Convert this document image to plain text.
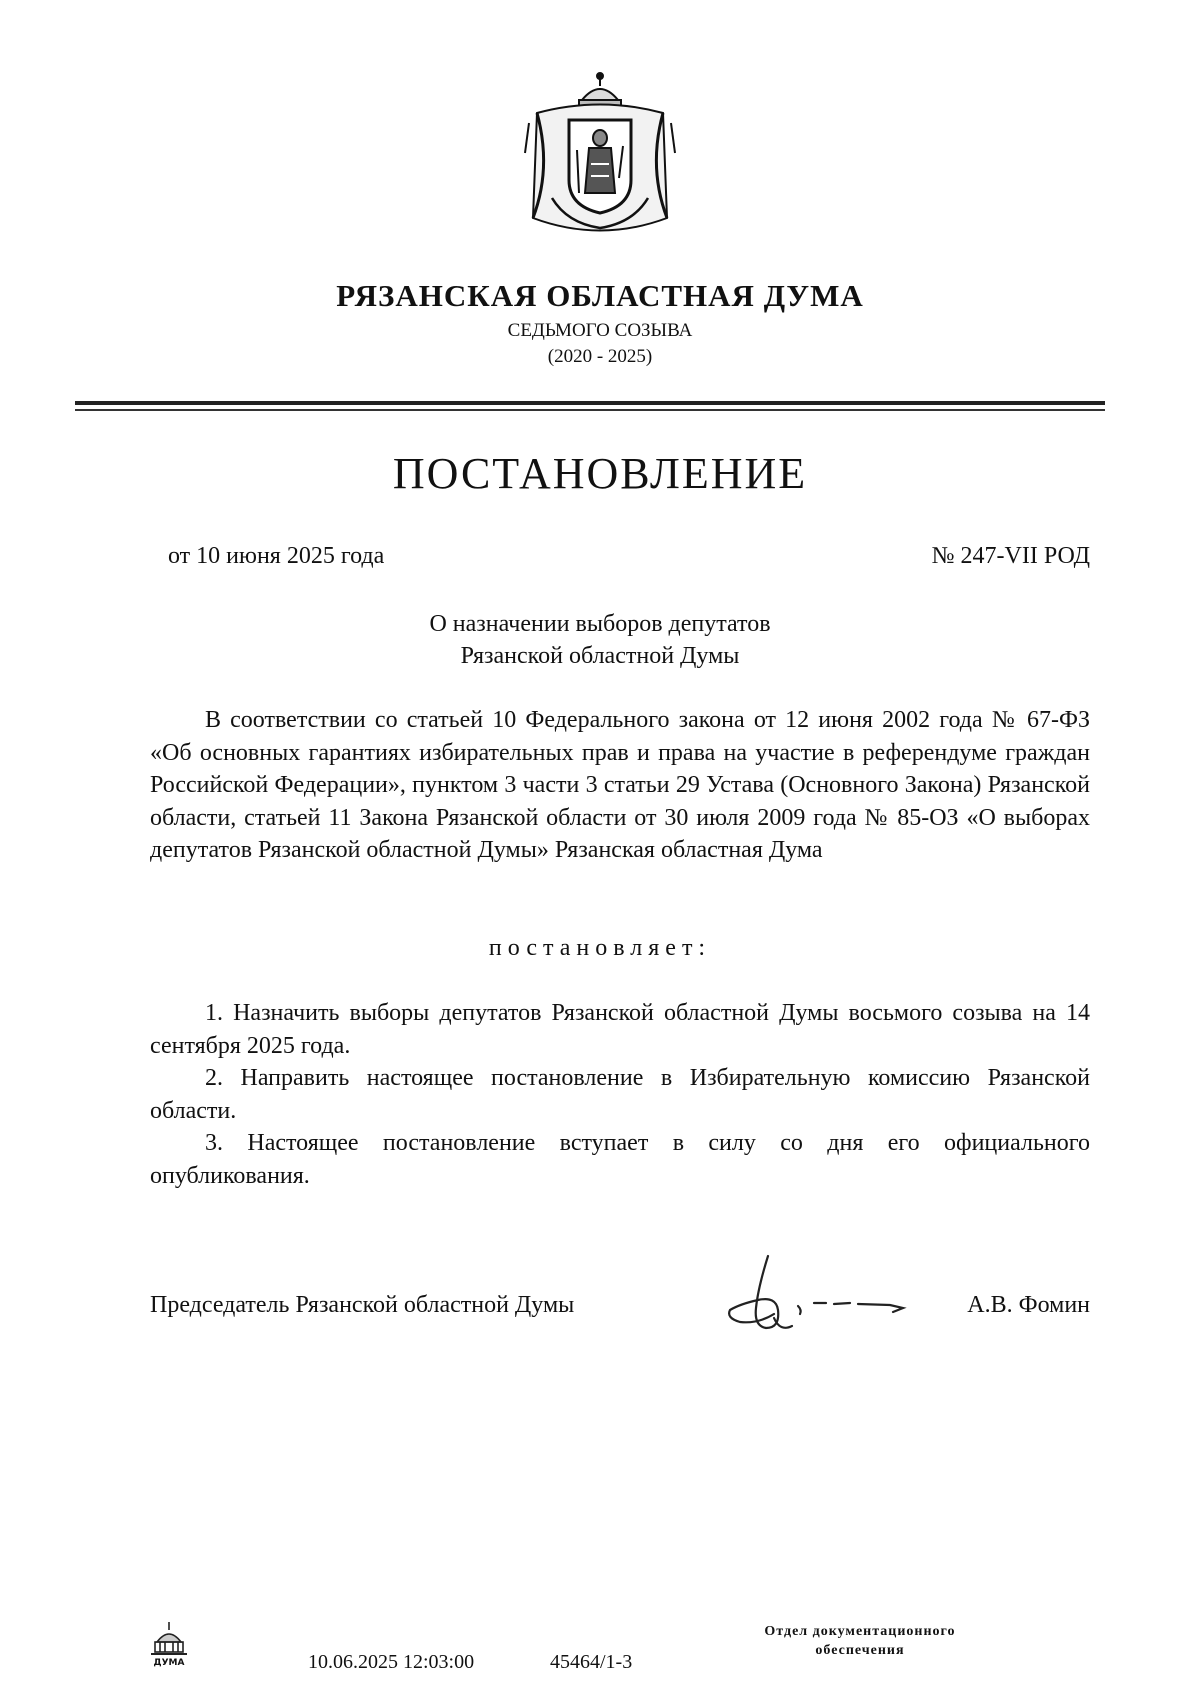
РЯЗАНСКАЯ ОБЛАСТНАЯ ДУМА
СЕДЬМОГО СОЗЫВА
(2020 - 2025)
ПОСТАНОВЛЕНИЕ
от 10 июня 2025 года	№ 247-VII РОД
О назначении выборов депутатов
Рязанской областной Думы
В соответствии со статьей 10 Федерального закона от 12 июня 2002 года № 67-ФЗ «Об основных гарантиях избирательных прав и права на участие в референдуме граждан Российской Федерации», пунктом 3 части 3 статьи 29 Устава (Основного Закона) Рязанской области, статьей 11 Закона Рязанской области от 30 июля 2009 года № 85-ОЗ «О выборах депутатов Рязанской областной Думы» Рязанская областная Дума
постановляет:

1. Назначить выборы депутатов Рязанской областной Думы восьмого созыва на 14 сентября 2025 года.

2. Направить настоящее постановление в Избирательную комиссию Рязанской области.

3. Настоящее постановление вступает в силу со дня его официального опубликования.

Председатель Рязанской областной Думы	А.В. Фомин
ДУМА	10.06.2025 12:03:00	45464/1-3
Отдел документационного
обеспечения
